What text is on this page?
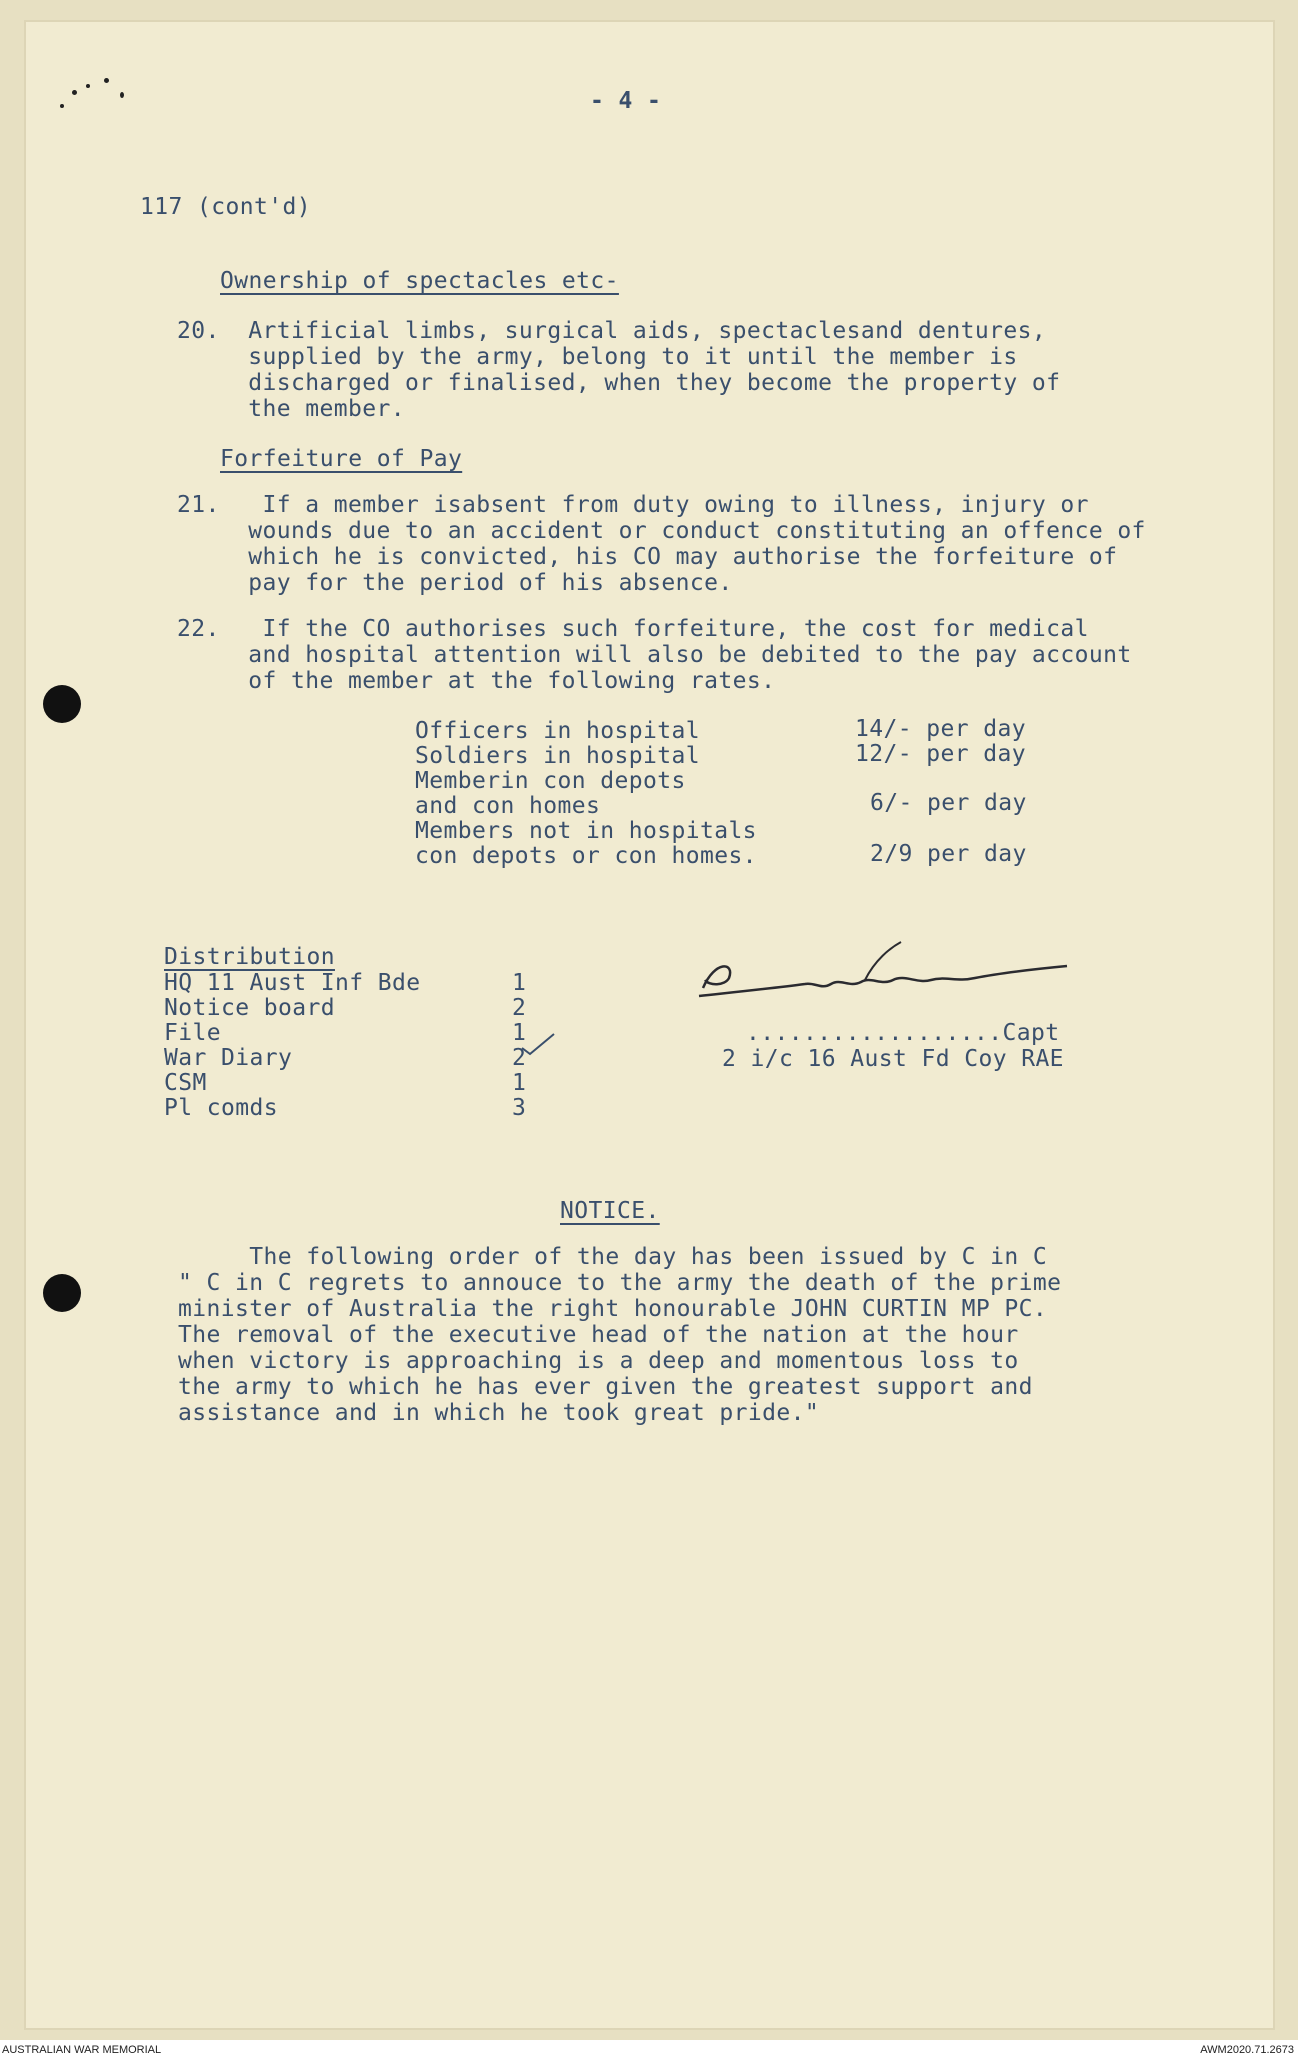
- 4 -
117 (cont'd)
Ownership of spectacles etc-
20.  Artificial limbs, surgical aids, spectaclesand dentures,
supplied by the army, belong to it until the member is
discharged or finalised, when they become the property of
the member.
Forfeiture of Pay
21.   If a member isabsent from duty owing to illness, injury or
wounds due to an accident or conduct constituting an offence of
which he is convicted, his CO may authorise the forfeiture of
pay for the period of his absence.
22.   If the CO authorises such forfeiture, the cost for medical
and hospital attention will also be debited to the pay account
of the member at the following rates.
Officers in hospital	14/- per day
Soldiers in hospital	12/- per day
Memberin con depots
and con homes	6/- per day
Members not in hospitals
con depots or con homes.	2/9 per day
Distribution
HQ 11 Aust Inf Bde	1
Notice board	2
File	1
War Diary	2
CSM	1
Pl comds	3
..................Capt
2 i/c 16 Aust Fd Coy RAE
NOTICE.
The following order of the day has been issued by C in C
" C in C regrets to annouce to the army the death of the prime
minister of Australia the right honourable JOHN CURTIN MP PC.
The removal of the executive head of the nation at the hour
when victory is approaching is a deep and momentous loss to
the army to which he has ever given the greatest support and
assistance and in which he took great pride."
AUSTRALIAN WAR MEMORIAL	AWM2020.71.2673
